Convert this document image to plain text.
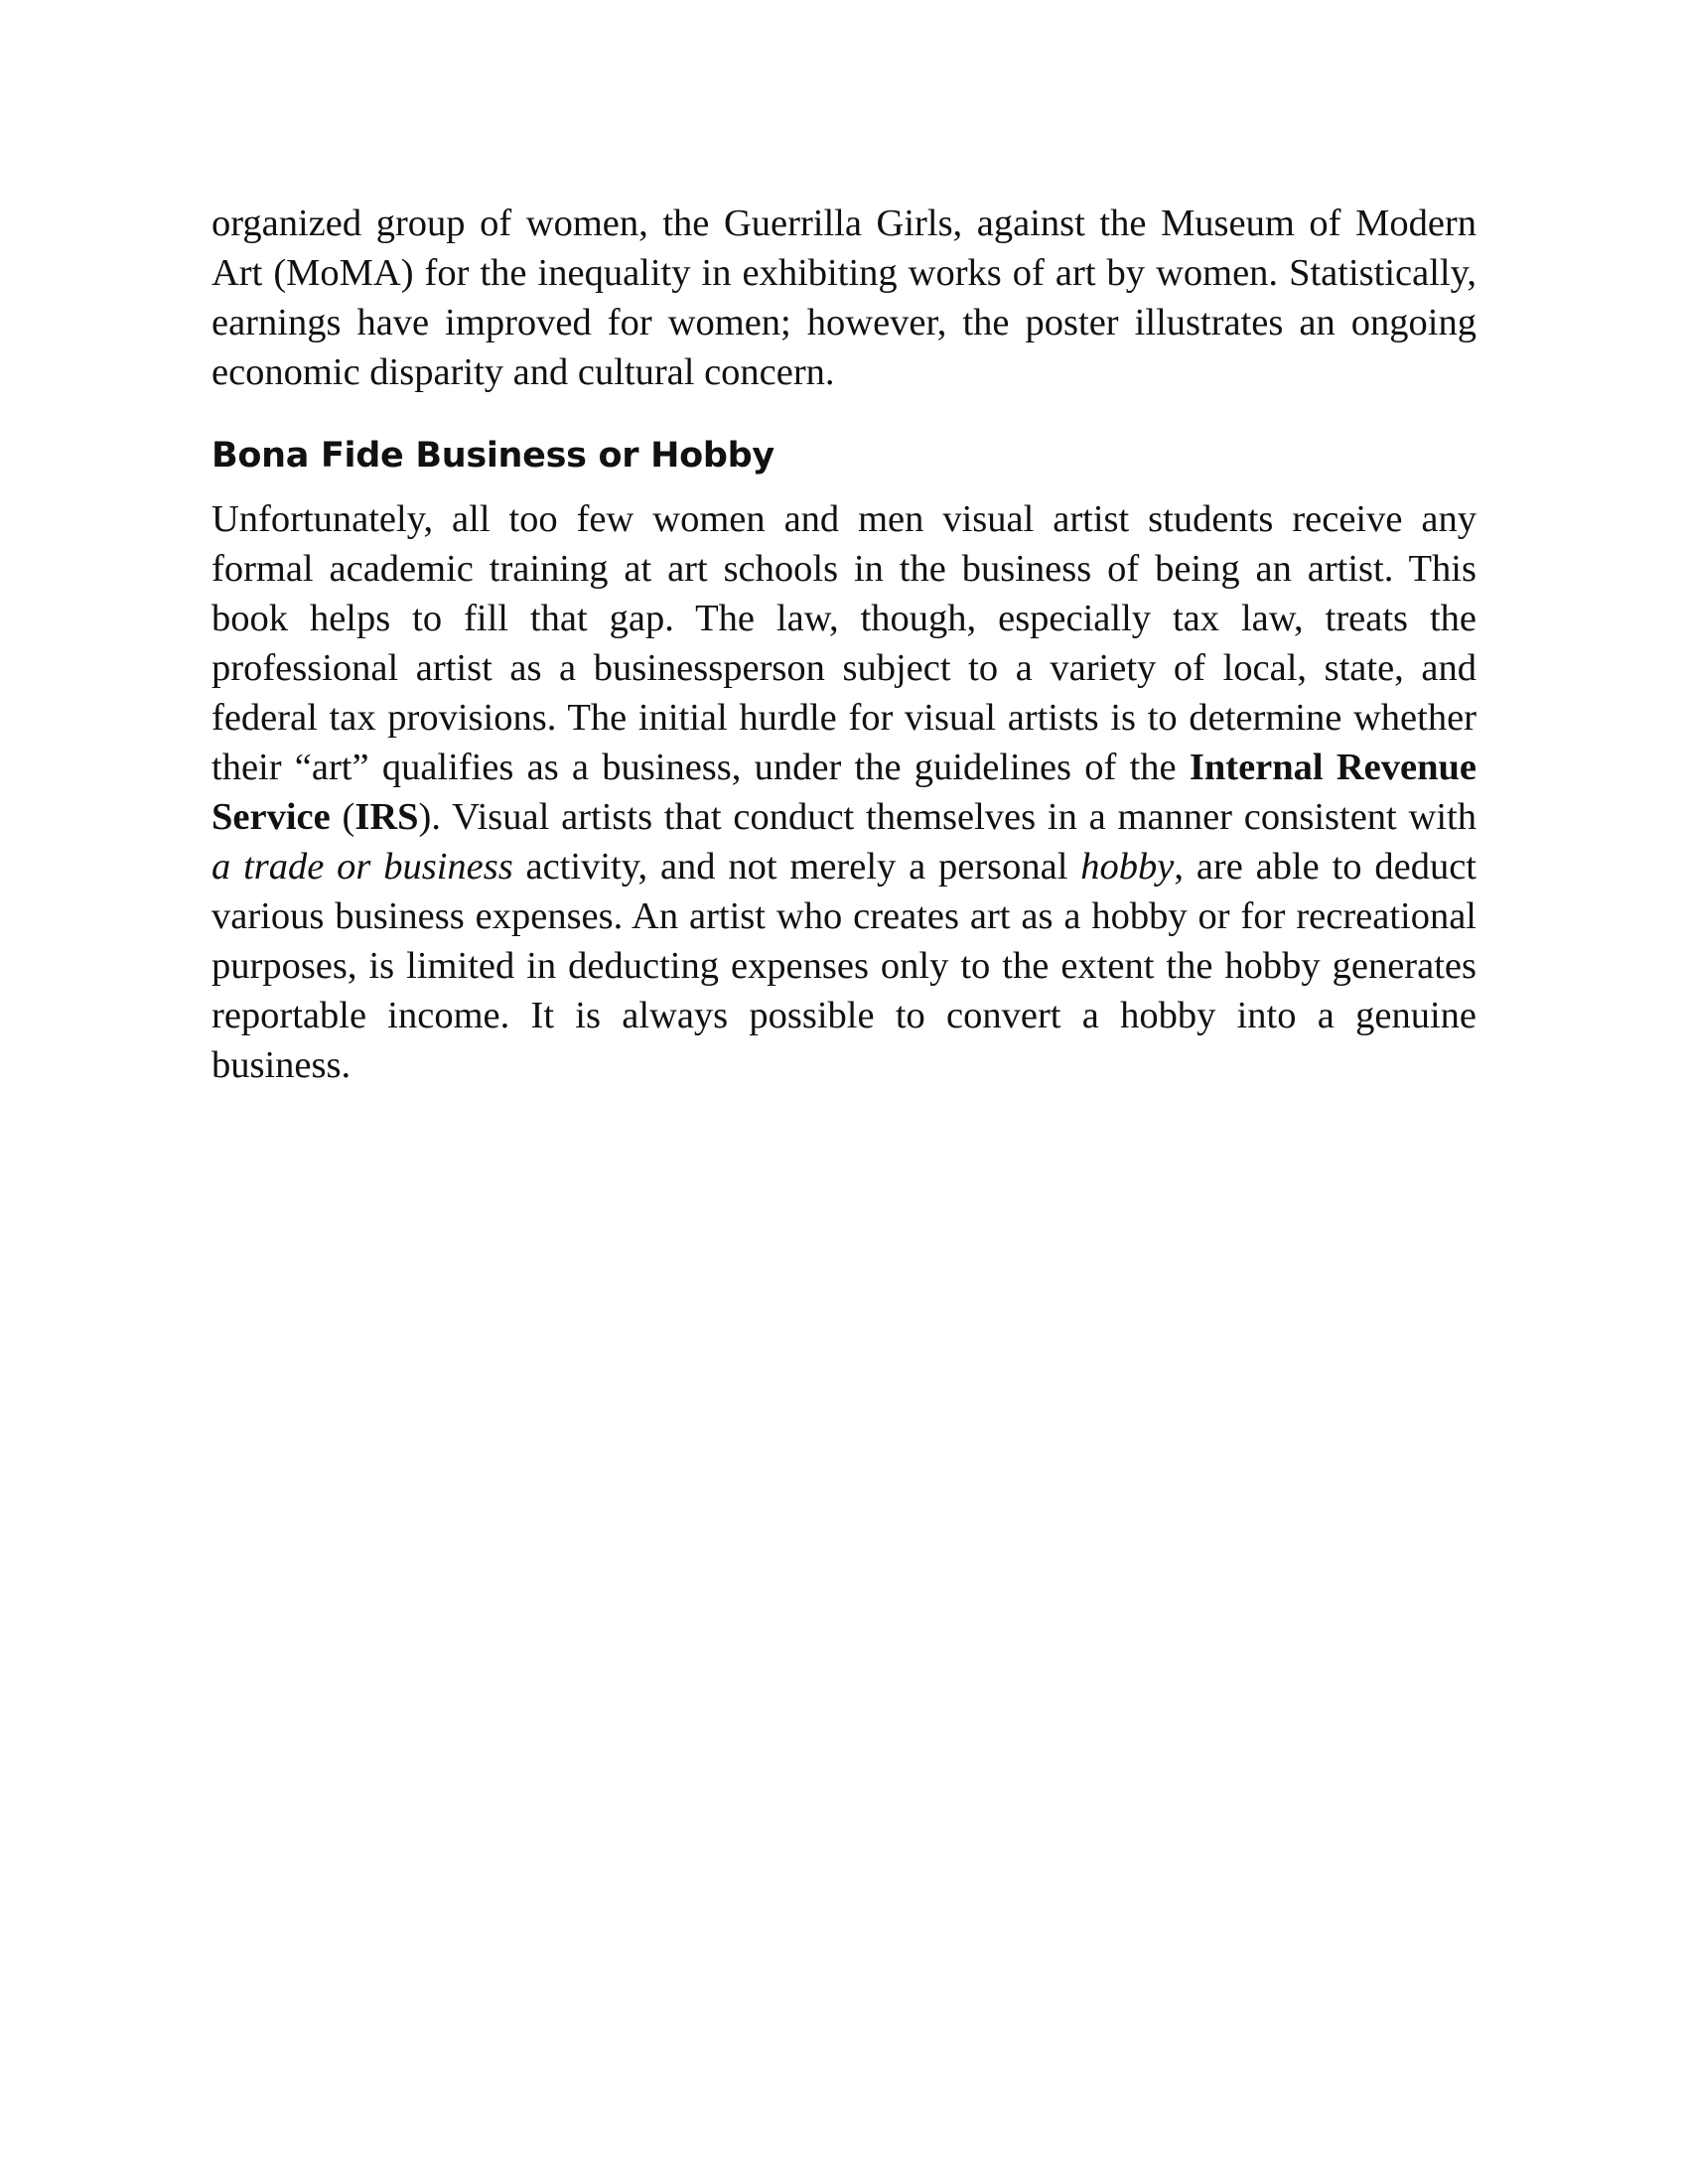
organized group of women, the Guerrilla Girls, against the Museum of Modern Art (MoMA) for the inequality in exhibiting works of art by women. Statistically, earnings have improved for women; however, the poster illustrates an ongoing economic disparity and cultural concern.

Bona Fide Business or Hobby

Unfortunately, all too few women and men visual artist students receive any formal academic training at art schools in the business of being an artist. This book helps to fill that gap. The law, though, especially tax law, treats the professional artist as a businessperson subject to a variety of local, state, and federal tax provisions. The initial hurdle for visual artists is to determine whether their “art” qualifies as a business, under the guidelines of the Internal Revenue Service (IRS). Visual artists that conduct themselves in a manner consistent with a trade or business activity, and not merely a personal hobby, are able to deduct various business expenses. An artist who creates art as a hobby or for recreational purposes, is limited in deducting expenses only to the extent the hobby generates reportable income. It is always possible to convert a hobby into a genuine business.
